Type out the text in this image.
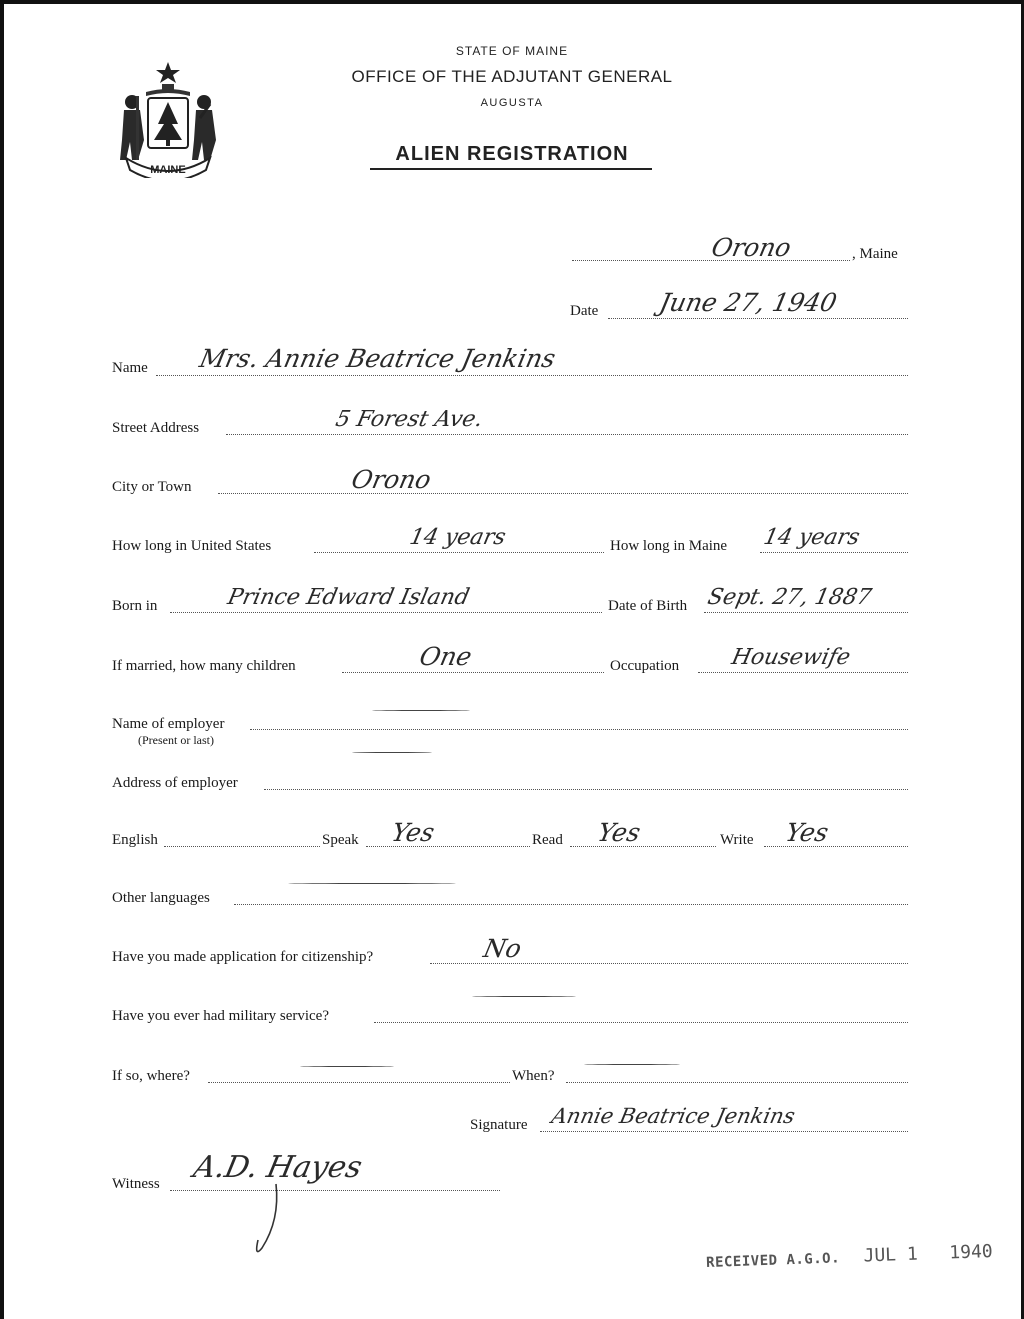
MAINE
STATE OF MAINE
OFFICE OF THE ADJUTANT GENERAL
AUGUSTA
ALIEN REGISTRATION
Orono	, Maine
Date June 27, 1940
Name Mrs. Annie Beatrice Jenkins
Street Address	5 Forest Ave.
City or Town	Orono
How long in United States	14 years	How long in Maine 14 years
Born in	Prince Edward Island	Date of Birth Sept. 27, 1887
If married, how many children	One	Occupation Housewife
Name of employer
(Present or last)
Address of employer
English	Speak Yes	Read Yes	Write Yes
Other languages
Have you made application for citizenship?	No
Have you ever had military service?
If so, where?	When?
Signature Annie Beatrice Jenkins
Witness A.D. Hayes
RECEIVED A.G.O. JUL 1 1940
